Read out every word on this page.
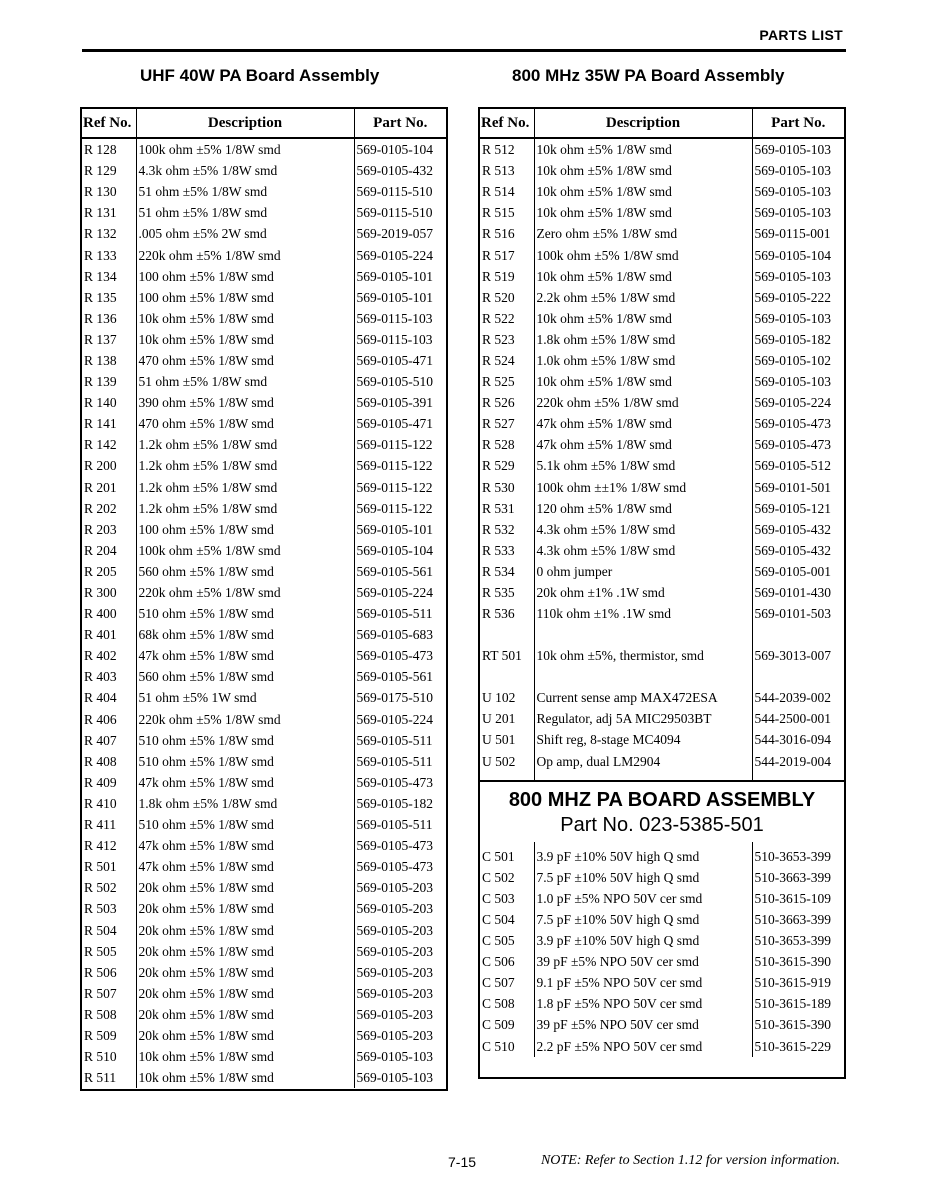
PARTS LIST
UHF 40W PA Board Assembly	800 MHz 35W PA Board Assembly
Ref No.	Description	Part No.
R 128	100k ohm ±5% 1/8W smd	569-0105-104
R 129	4.3k ohm ±5% 1/8W smd	569-0105-432
R 130	51 ohm ±5% 1/8W smd	569-0115-510
R 131	51 ohm ±5% 1/8W smd	569-0115-510
R 132	.005 ohm ±5% 2W smd	569-2019-057
R 133	220k ohm ±5% 1/8W smd	569-0105-224
R 134	100 ohm ±5% 1/8W smd	569-0105-101
R 135	100 ohm ±5% 1/8W smd	569-0105-101
R 136	10k ohm ±5% 1/8W smd	569-0115-103
R 137	10k ohm ±5% 1/8W smd	569-0115-103
R 138	470 ohm ±5% 1/8W smd	569-0105-471
R 139	51 ohm ±5% 1/8W smd	569-0105-510
R 140	390 ohm ±5% 1/8W smd	569-0105-391
R 141	470 ohm ±5% 1/8W smd	569-0105-471
R 142	1.2k ohm ±5% 1/8W smd	569-0115-122
R 200	1.2k ohm ±5% 1/8W smd	569-0115-122
R 201	1.2k ohm ±5% 1/8W smd	569-0115-122
R 202	1.2k ohm ±5% 1/8W smd	569-0115-122
R 203	100 ohm ±5% 1/8W smd	569-0105-101
R 204	100k ohm ±5% 1/8W smd	569-0105-104
R 205	560 ohm ±5% 1/8W smd	569-0105-561
R 300	220k ohm ±5% 1/8W smd	569-0105-224
R 400	510 ohm ±5% 1/8W smd	569-0105-511
R 401	68k ohm ±5% 1/8W smd	569-0105-683
R 402	47k ohm ±5% 1/8W smd	569-0105-473
R 403	560 ohm ±5% 1/8W smd	569-0105-561
R 404	51 ohm ±5% 1W smd	569-0175-510
R 406	220k ohm ±5% 1/8W smd	569-0105-224
R 407	510 ohm ±5% 1/8W smd	569-0105-511
R 408	510 ohm ±5% 1/8W smd	569-0105-511
R 409	47k ohm ±5% 1/8W smd	569-0105-473
R 410	1.8k ohm ±5% 1/8W smd	569-0105-182
R 411	510 ohm ±5% 1/8W smd	569-0105-511
R 412	47k ohm ±5% 1/8W smd	569-0105-473
R 501	47k ohm ±5% 1/8W smd	569-0105-473
R 502	20k ohm ±5% 1/8W smd	569-0105-203
R 503	20k ohm ±5% 1/8W smd	569-0105-203
R 504	20k ohm ±5% 1/8W smd	569-0105-203
R 505	20k ohm ±5% 1/8W smd	569-0105-203
R 506	20k ohm ±5% 1/8W smd	569-0105-203
R 507	20k ohm ±5% 1/8W smd	569-0105-203
R 508	20k ohm ±5% 1/8W smd	569-0105-203
R 509	20k ohm ±5% 1/8W smd	569-0105-203
R 510	10k ohm ±5% 1/8W smd	569-0105-103
R 511	10k ohm ±5% 1/8W smd	569-0105-103
Ref No.	Description	Part No.
R 512	10k ohm ±5% 1/8W smd	569-0105-103
R 513	10k ohm ±5% 1/8W smd	569-0105-103
R 514	10k ohm ±5% 1/8W smd	569-0105-103
R 515	10k ohm ±5% 1/8W smd	569-0105-103
R 516	Zero ohm ±5% 1/8W smd	569-0115-001
R 517	100k ohm ±5% 1/8W smd	569-0105-104
R 519	10k ohm ±5% 1/8W smd	569-0105-103
R 520	2.2k ohm ±5% 1/8W smd	569-0105-222
R 522	10k ohm ±5% 1/8W smd	569-0105-103
R 523	1.8k ohm ±5% 1/8W smd	569-0105-182
R 524	1.0k ohm ±5% 1/8W smd	569-0105-102
R 525	10k ohm ±5% 1/8W smd	569-0105-103
R 526	220k ohm ±5% 1/8W smd	569-0105-224
R 527	47k ohm ±5% 1/8W smd	569-0105-473
R 528	47k ohm ±5% 1/8W smd	569-0105-473
R 529	5.1k ohm ±5% 1/8W smd	569-0105-512
R 530	100k ohm ±±1% 1/8W smd	569-0101-501
R 531	120 ohm ±5% 1/8W smd	569-0105-121
R 532	4.3k ohm ±5% 1/8W smd	569-0105-432
R 533	4.3k ohm ±5% 1/8W smd	569-0105-432
R 534	0 ohm jumper	569-0105-001
R 535	20k ohm ±1% .1W smd	569-0101-430
R 536	110k ohm ±1% .1W smd	569-0101-503

RT 501	10k ohm ±5%, thermistor, smd	569-3013-007

U 102	Current sense amp MAX472ESA	544-2039-002
U 201	Regulator, adj 5A MIC29503BT	544-2500-001
U 501	Shift reg, 8-stage MC4094	544-3016-094
U 502	Op amp, dual LM2904	544-2019-004

800 MHZ PA BOARD ASSEMBLY
Part No. 023-5385-501		

C 501	3.9 pF ±10% 50V high Q smd	510-3653-399
C 502	7.5 pF ±10% 50V high Q smd	510-3663-399
C 503	1.0 pF ±5% NPO 50V cer smd	510-3615-109
C 504	7.5 pF ±10% 50V high Q smd	510-3663-399
C 505	3.9 pF ±10% 50V high Q smd	510-3653-399
C 506	39 pF ±5% NPO 50V cer smd	510-3615-390
C 507	9.1 pF ±5% NPO 50V cer smd	510-3615-919
C 508	1.8 pF ±5% NPO 50V cer smd	510-3615-189
C 509	39 pF ±5% NPO 50V cer smd	510-3615-390
C 510	2.2 pF ±5% NPO 50V cer smd	510-3615-229
7-15	NOTE: Refer to Section 1.12 for version information.
